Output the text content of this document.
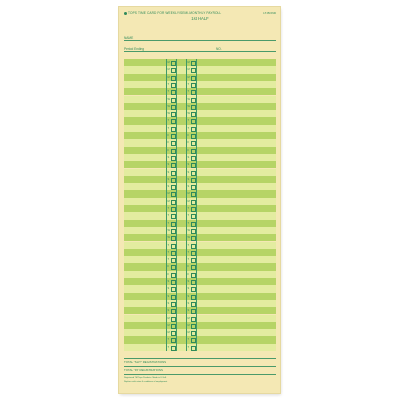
TOPS TIME CARD FOR WEEKLY/SEMI-MONTHLY PAYROLL	LT-BOND
1st HALF
NAME
Period Ending	NO.
M	M
M	M
M	M
T	T
T	T
W	W
W	W
W	W
T	T
T	T
F	F
F	F
F	F
S	S
S	S
S	S
S	S
S	S
M	M
M	M
T	T
T	T
T	T
W	W
W	W
T	T
T	T
T	T
F	F
F	F
S	S
S	S
S	S
S	S
S	S
M	M
M	M
M	M
T	T
T	T
TOTAL "SLIT" REGISTRATIONS
TOTAL "IN" REGISTRATIONS
Registered TM Tops Products. Made in U.S.A.
Replace with rates & conditions of employment
